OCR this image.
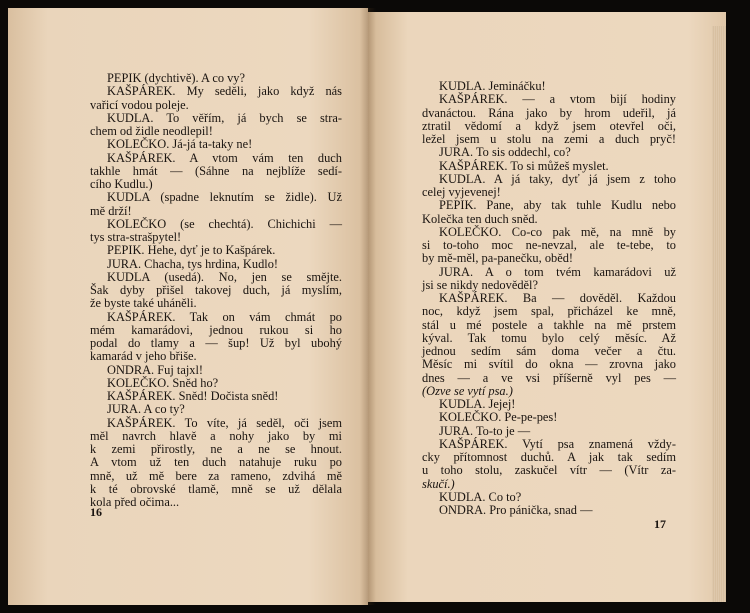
PEPIK (dychtivě). A co vy?
KAŠPÁREK. My seděli, jako když nás
vařicí vodou poleje.
KUDLA. To věřím, já bych se stra-
chem od židle neodlepil!
KOLEČKO. Já-já ta-taky ne!
KAŠPÁREK. A vtom vám ten duch
takhle hmát — (Sáhne na nejblíže sedí-
cího Kudlu.)
KUDLA (spadne leknutím se židle). Už
mě drží!
KOLEČKO (se chechtá). Chichichi —
tys stra-strašpytel!
PEPIK. Hehe, dyť je to Kašpárek.
JURA. Chacha, tys hrdina, Kudlo!
KUDLA (usedá). No, jen se smějte.
Šak dyby přišel takovej duch, já myslím,
že byste také uháněli.
KAŠPÁREK. Tak on vám chmát po
mém kamarádovi, jednou rukou si ho
podal do tlamy a — šup! Už byl ubohý
kamarád v jeho břiše.
ONDRA. Fuj tajxl!
KOLEČKO. Sněd ho?
KAŠPÁREK. Sněd! Dočista sněd!
JURA. A co ty?
KAŠPÁREK. To víte, já seděl, oči jsem
měl navrch hlavě a nohy jako by mi
k zemi přirostly, ne a ne se hnout.
A vtom už ten duch natahuje ruku po
mně, už mě bere za rameno, zdvihá mě
k té obrovské tlamě, mně se už dělala
kola před očima...
16
KUDLA. Jemináčku!
KAŠPÁREK. — a vtom bijí hodiny
dvanáctou. Rána jako by hrom udeřil, já
ztratil vědomí a když jsem otevřel oči,
ležel jsem u stolu na zemi a duch pryč!
JURA. To sis oddechl, co?
KAŠPÁREK. To si můžeš myslet.
KUDLA. A já taky, dyť já jsem z toho
celej vyjevenej!
PEPIK. Pane, aby tak tuhle Kudlu nebo
Kolečka ten duch sněd.
KOLEČKO. Co-co pak mě, na mně by
si to-toho moc ne-nevzal, ale te-tebe, to
by mě-měl, pa-panečku, oběd!
JURA. A o tom tvém kamarádovi už
jsi se nikdy nedověděl?
KAŠPÁREK. Ba — dověděl. Každou
noc, když jsem spal, přicházel ke mně,
stál u mé postele a takhle na mě prstem
kýval. Tak tomu bylo celý měsíc. Až
jednou sedím sám doma večer a čtu.
Měsíc mi svítil do okna — zrovna jako
dnes — a ve vsi příšerně vyl pes —
(Ozve se vytí psa.)
KUDLA. Jejej!
KOLEČKO. Pe-pe-pes!
JURA. To-to je —
KAŠPÁREK. Vytí psa znamená vždy-
cky přítomnost duchů. A jak tak sedím
u toho stolu, zaskučel vítr — (Vítr za-
skučí.)
KUDLA. Co to?
ONDRA. Pro pánička, snad —
17
